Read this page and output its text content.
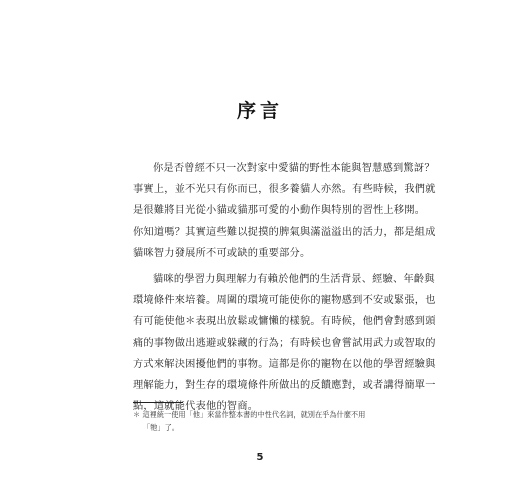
序言
你是否曾經不只一次對家中愛貓的野性本能與智慧感到驚訝？
事實上，並不光只有你而已，很多養貓人亦然。有些時候，我們就
是很難將目光從小貓或貓那可愛的小動作與特別的習性上移開。
你知道嗎？其實這些難以捉摸的脾氣與滿溢溢出的活力，都是組成
貓咪智力發展所不可或缺的重要部分。
貓咪的學習力與理解力有賴於他們的生活背景、經驗、年齡與
環境條件來培養。周圍的環境可能使你的寵物感到不安或緊張，也
有可能使他＊表現出放鬆或慵懶的樣貌。有時候，他們會對感到頭
痛的事物做出逃避或躲藏的行為；有時候也會嘗試用武力或智取的
方式來解決困擾他們的事物。這都是你的寵物在以他的學習經驗與
理解能力，對生存的環境條件所做出的反饋應對，或者講得簡單一
點，這就能代表他的智商。
＊ 這裡統一使用「他」來當作整本書的中性代名詞，就別在乎為什麼不用
「牠」了。
5
